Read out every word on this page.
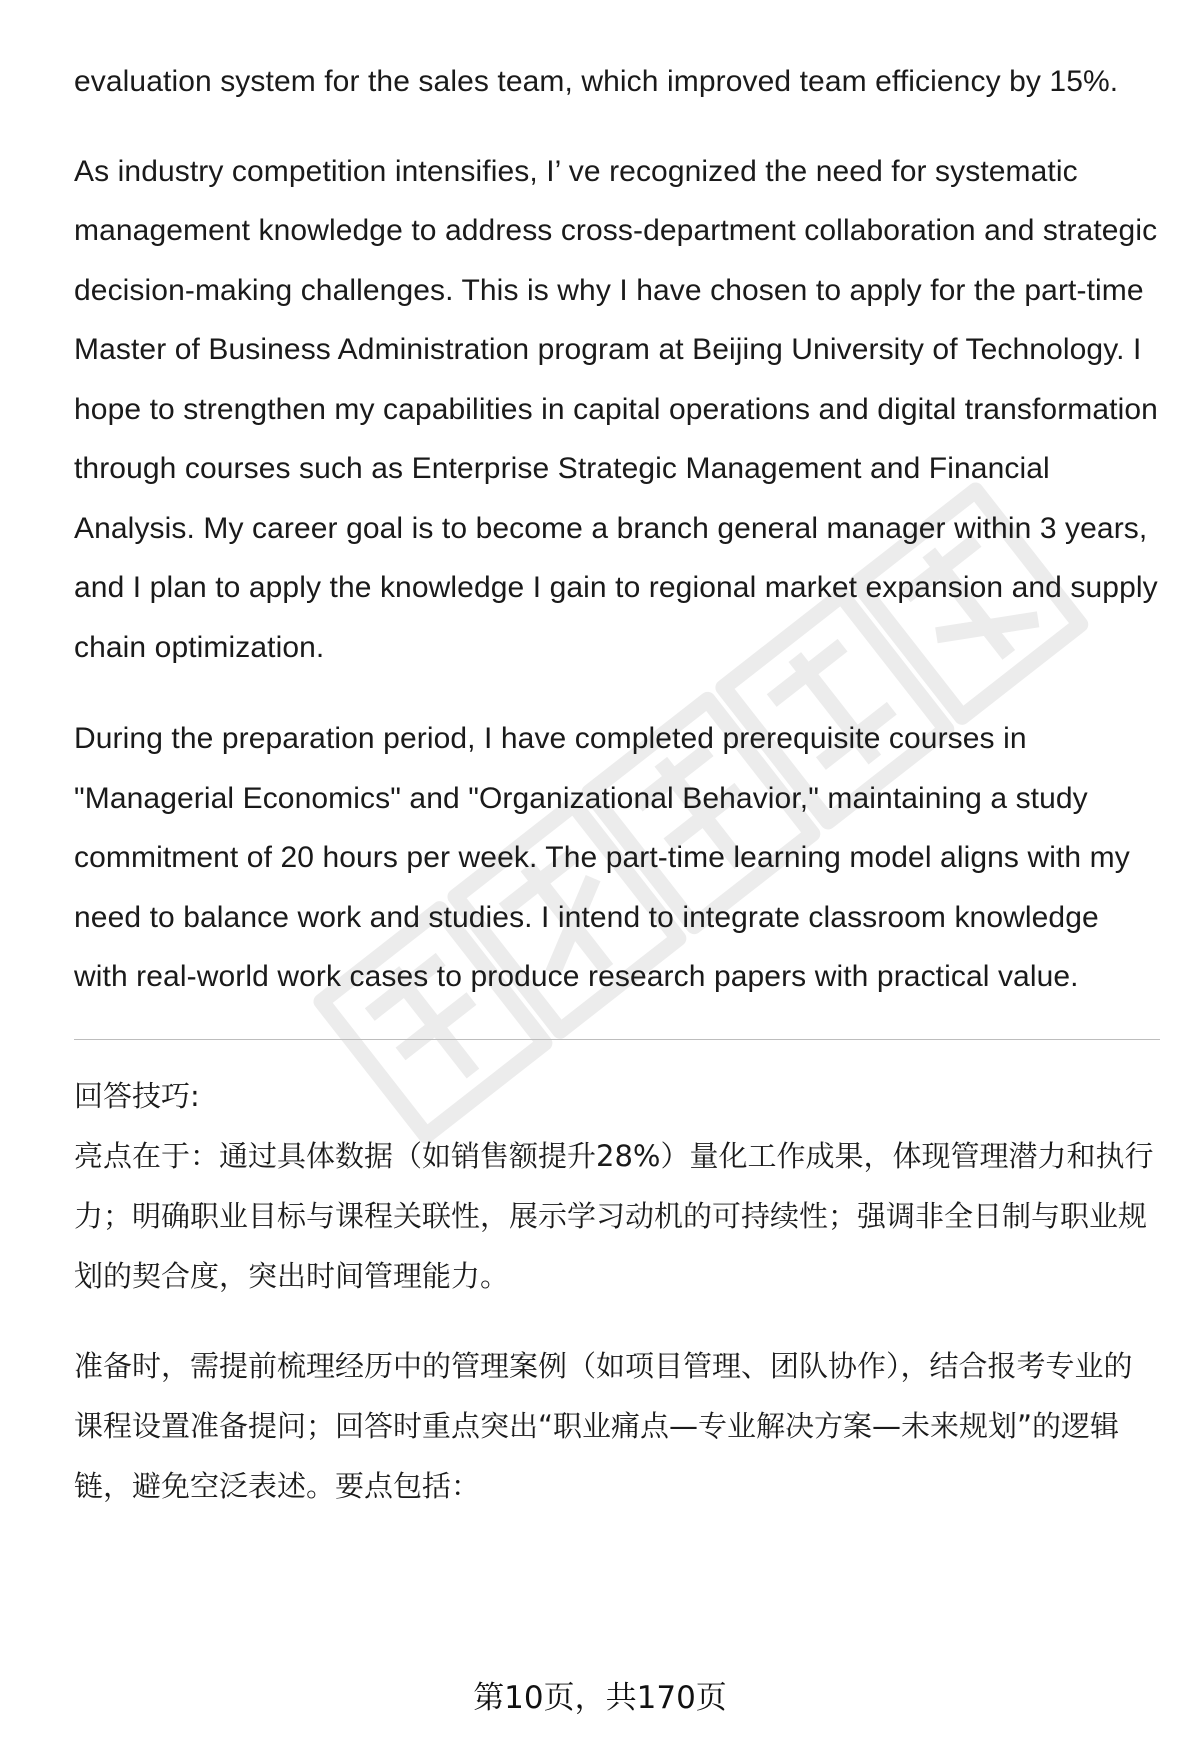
evaluation system for the sales team, which improved team efficiency by 15%.

As industry competition intensifies, I’ ve recognized the need for systematic management knowledge to address cross-department collaboration and strategic decision-making challenges. This is why I have chosen to apply for the part-time Master of Business Administration program at Beijing University of Technology. I hope to strengthen my capabilities in capital operations and digital transformation through courses such as Enterprise Strategic Management and Financial Analysis. My career goal is to become a branch general manager within 3 years, and I plan to apply the knowledge I gain to regional market expansion and supply chain optimization.

During the preparation period, I have completed prerequisite courses in "Managerial Economics" and "Organizational Behavior," maintaining a study commitment of 20 hours per week. The part-time learning model aligns with my need to balance work and studies. I intend to integrate classroom knowledge with real-world work cases to produce research papers with practical value.

回答技巧:

亮点在于：通过具体数据（如销售额提升28%）量化工作成果，体现管理潜力和执行力；明确职业目标与课程关联性，展示学习动机的可持续性；强调非全日制与职业规划的契合度，突出时间管理能力。

准备时，需提前梳理经历中的管理案例（如项目管理、团队协作），结合报考专业的课程设置准备提问；回答时重点突出“职业痛点—专业解决方案—未来规划”的逻辑链，避免空泛表述。要点包括：

第10页，共170页
